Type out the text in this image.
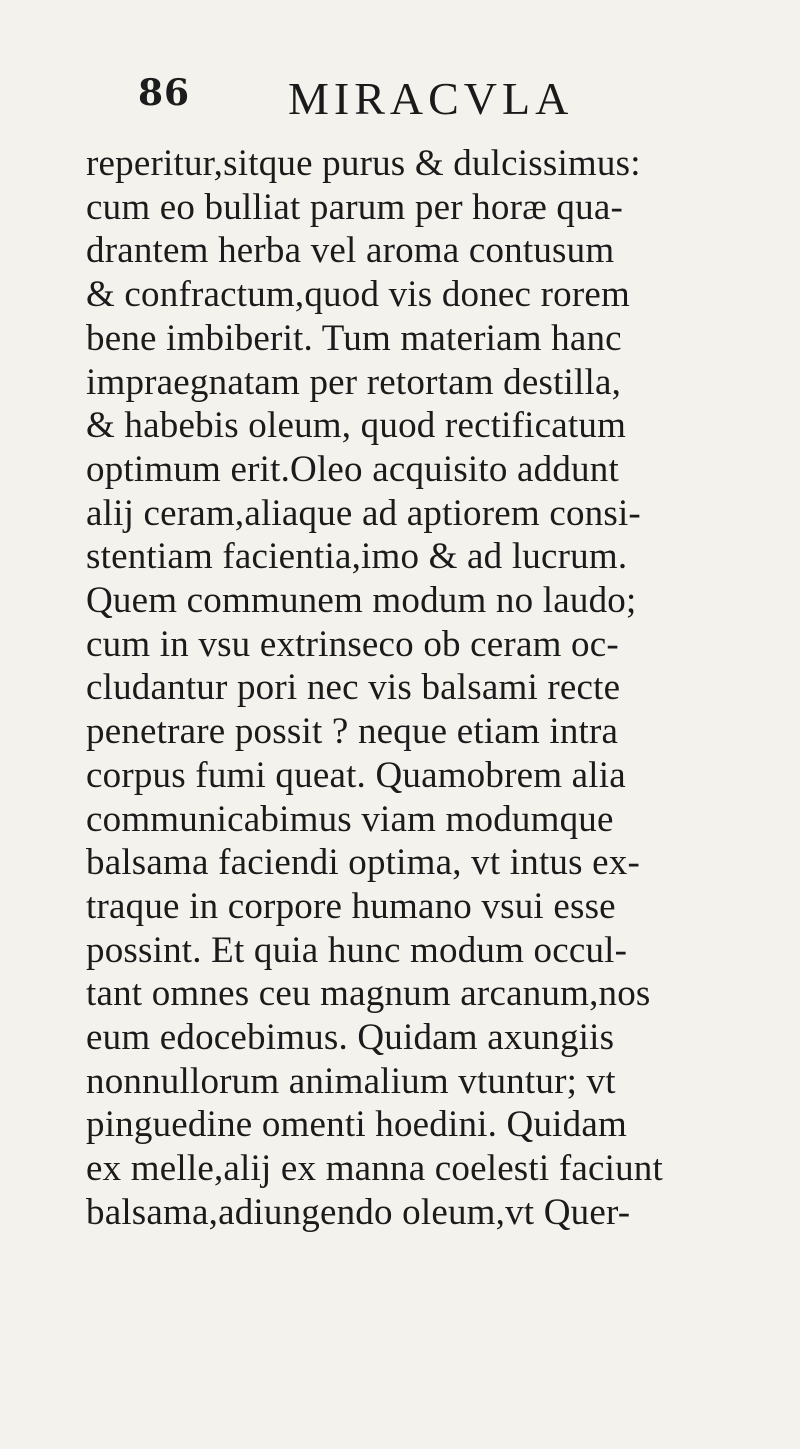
86 MIRACVLA
reperitur,sitque purus & dulcissimus:
cum eo bulliat parum per horæ qua-
drantem herba vel aroma contusum
& confractum,quod vis donec rorem
bene imbiberit. Tum materiam hanc
impraegnatam per retortam destilla,
& habebis oleum, quod rectificatum
optimum erit.Oleo acquisito addunt
alij ceram,aliaque ad aptiorem consi-
stentiam facientia,imo & ad lucrum.
Quem communem modum no laudo;
cum in vsu extrinseco ob ceram oc-
cludantur pori nec vis balsami recte
penetrare possit ? neque etiam intra
corpus fumi queat. Quamobrem alia
communicabimus viam modumque
balsama faciendi optima, vt intus ex-
traque in corpore humano vsui esse
possint. Et quia hunc modum occul-
tant omnes ceu magnum arcanum,nos
eum edocebimus. Quidam axungiis
nonnullorum animalium vtuntur; vt
pinguedine omenti hoedini. Quidam
ex melle,alij ex manna coelesti faciunt
balsama,adiungendo oleum,vt Quer-
